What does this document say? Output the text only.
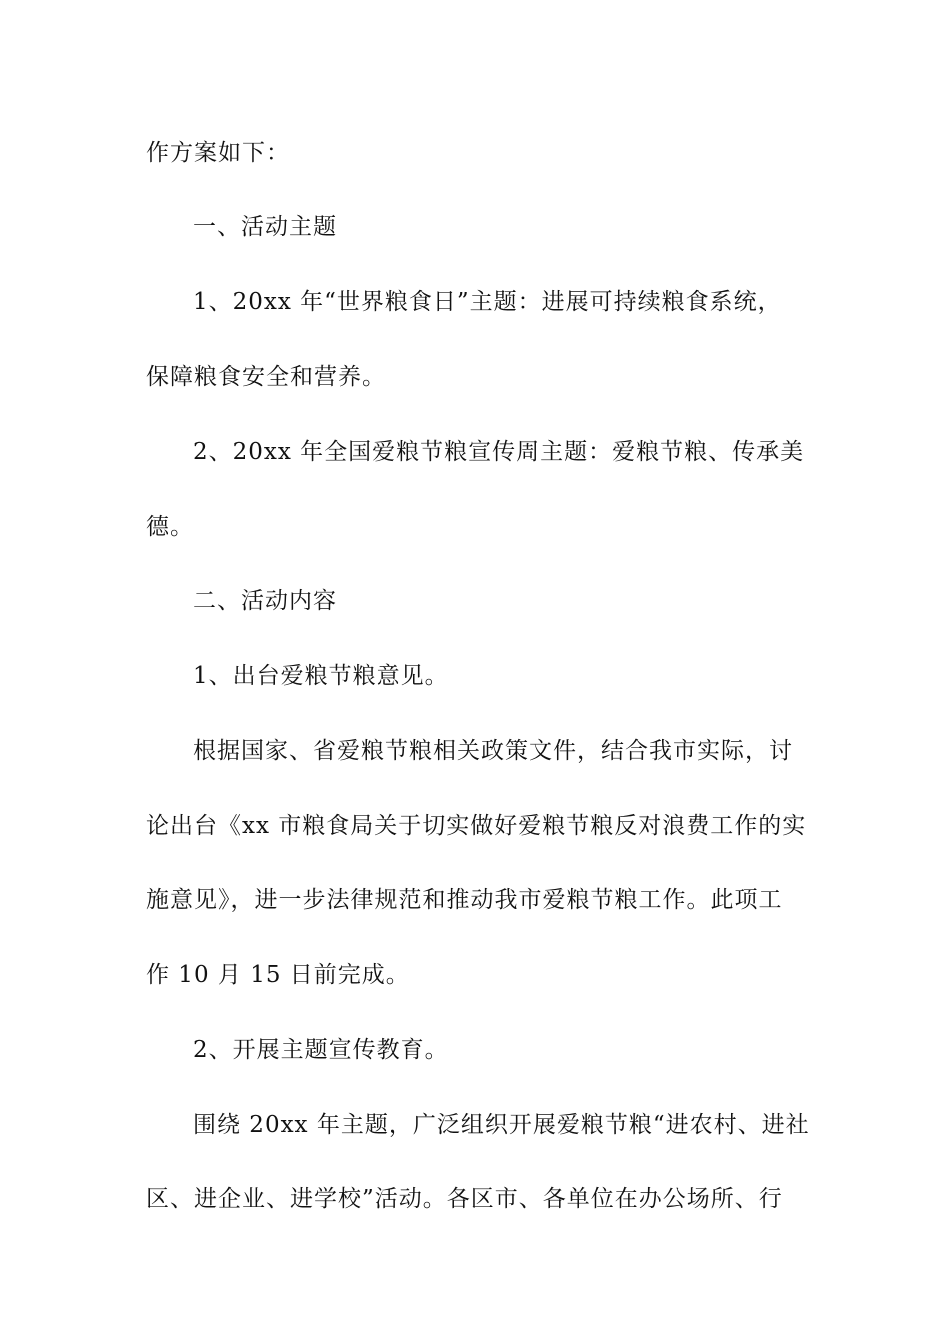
作方案如下：
一、活动主题
1、20xx 年“世界粮食日”主题：进展可持续粮食系统，
保障粮食安全和营养。
2、20xx 年全国爱粮节粮宣传周主题：爱粮节粮、传承美
德。
二、活动内容
1、出台爱粮节粮意见。
根据国家、省爱粮节粮相关政策文件，结合我市实际，讨
论出台《xx 市粮食局关于切实做好爱粮节粮反对浪费工作的实
施意见》，进一步法律规范和推动我市爱粮节粮工作。此项工
作 10 月 15 日前完成。
2、开展主题宣传教育。
围绕 20xx 年主题，广泛组织开展爱粮节粮“进农村、进社
区、进企业、进学校”活动。各区市、各单位在办公场所、行
